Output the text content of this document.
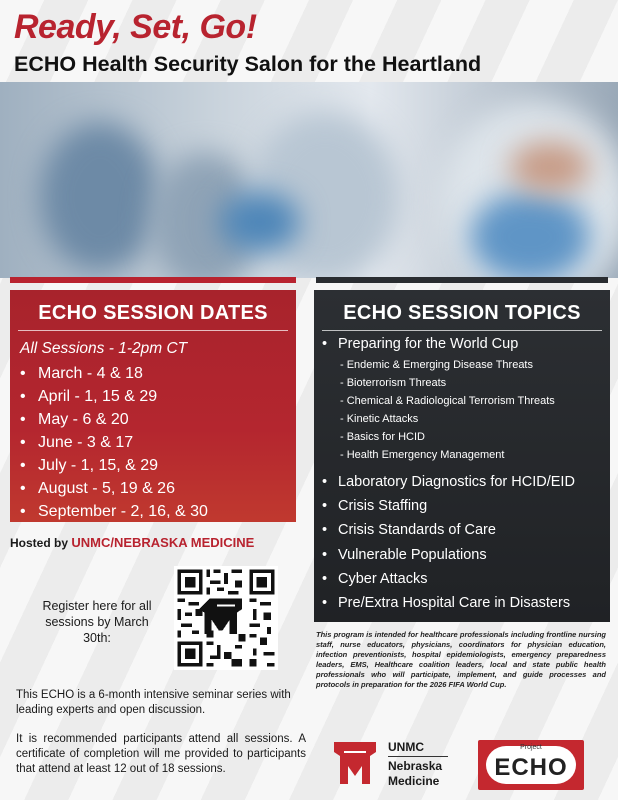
Ready, Set, Go!
ECHO Health Security Salon for the Heartland
ECHO SESSION DATES
All Sessions - 1-2pm CT
• March - 4 & 18
• April - 1, 15 & 29
• May - 6 & 20
• June - 3 & 17
• July - 1, 15, & 29
• August - 5, 19 & 26
• September - 2, 16, & 30
ECHO SESSION TOPICS
• Preparing for the World Cup
- Endemic & Emerging Disease Threats
- Bioterrorism Threats
- Chemical & Radiological Terrorism Threats
- Kinetic Attacks
- Basics for HCID
- Health Emergency Management
• Laboratory Diagnostics for HCID/EID
• Crisis Staffing
• Crisis Standards of Care
• Vulnerable Populations
• Cyber Attacks
• Pre/Extra Hospital Care in Disasters
Hosted by UNMC/NEBRASKA MEDICINE
Register here for all sessions by March 30th:	This program is intended for healthcare professionals including frontline nursing staff, nurse educators, physicians, coordinators for physician education, infection preventionists, hospital epidemiologists, emergency preparedness leaders, EMS, Healthcare coalition leaders, local and state public health professionals who will participate, implement, and guide processes and protocols in preparation for the 2026 FIFA World Cup.
This ECHO is a 6-month intensive seminar series with leading experts and open discussion.
It is recommended participants attend all sessions. A certificate of completion will me provided to participants that attend at least 12 out of 18 sessions.
UNMC
Nebraska
Medicine
Project
ECHO
